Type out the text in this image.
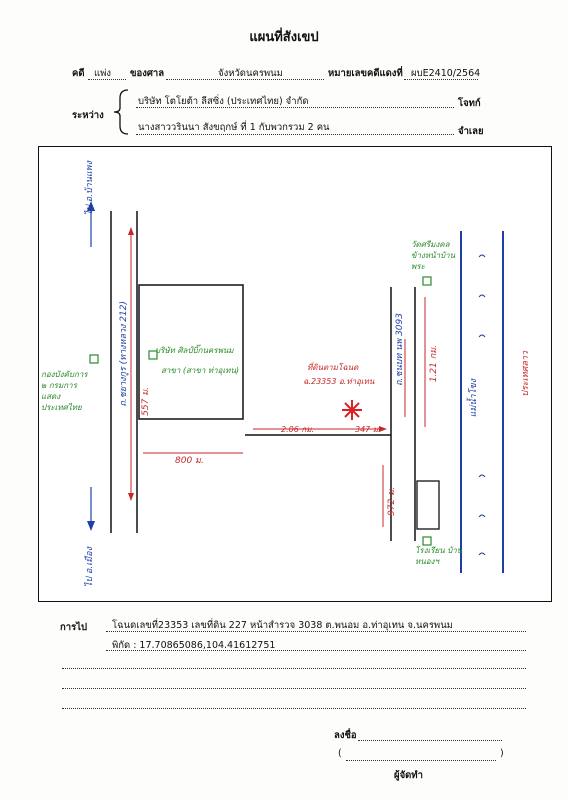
แผนที่สังเขป
คดี แพ่ง ของศาล	จังหวัดนครพนม	หมายเลขคดีแดงที่ ผบE2410/2564
ระหว่าง
บริษัท โตโยต้า ลีสซิ่ง (ประเทศไทย) จำกัด	โจทก์
นางสาววรินนา สังขฤกษ์ ที่ 1 กับพวกรวม 2 คน	จำเลย
ไป อ.บ้านแพง
ไป อ.เมือง
ถ.ชยางกูร (ทางหลวง 212) 557 ม.
บริษัท ศิลป์บิ๊กนครพนม
สาขา (สาขา ท่าอุเทน)
กองบังคับการ ๒ กรมการแสดง ประเทศไทย
800 ม.
ที่ดินตามโฉนด
ฉ.23353 อ.ท่าอุเทน
2.06 กม.	347 ม.
ถ.ชนบท นพ 3093	1.21 กม.
972 ม.
วัดศรีมงคล ข้างหน้าบ้านพระ
โรงเรียน บ้านหนองฯ
แม่น้ำโขง
ประเทศลาว
การไป	โฉนดเลขที่23353 เลขที่ดิน 227 หน้าสำรวจ 3038 ต.พนอม อ.ท่าอุเทน จ.นครพนม
พิกัด : 17.70865086,104.41612751
ลงชื่อ
(	)
ผู้จัดทำ
